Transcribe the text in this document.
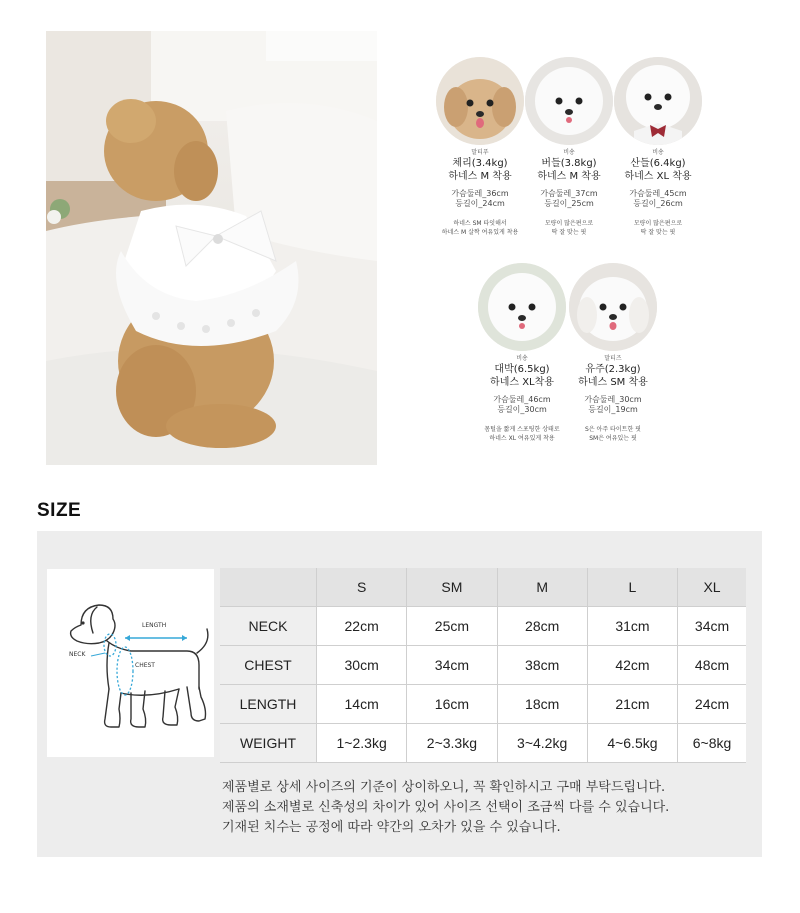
말티푸
체리(3.4kg)
하네스 M 착용
가슴둘레_36cm
등길이_24cm
하네스 SM 타잇해서
하네스 M 살짝 여유있게 착용
비숑
버들(3.8kg)
하네스 M 착용
가슴둘레_37cm
등길이_25cm
모량이 많은편으로
딱 잘 맞는 핏
비숑
산들(6.4kg)
하네스 XL 착용
가슴둘레_45cm
등길이_26cm
모량이 많은편으로
딱 잘 맞는 핏
비숑
대박(6.5kg)
하네스 XL착용
가슴둘레_46cm
등길이_30cm
몸털을 짧게 스포팅한 상태로
하네스 XL 여유있게 착용
말티즈
유주(2.3kg)
하네스 SM 착용
가슴둘레_30cm
등길이_19cm
S은 아주 타이트한 핏
SM은 여유있는 핏
SIZE
LENGTH
NECK
CHEST
	S	SM	M	L	XL
NECK	22cm	25cm	28cm	31cm	34cm
CHEST	30cm	34cm	38cm	42cm	48cm
LENGTH	14cm	16cm	18cm	21cm	24cm
WEIGHT	1~2.3kg	2~3.3kg	3~4.2kg	4~6.5kg	6~8kg
제품별로 상세 사이즈의 기준이 상이하오니, 꼭 확인하시고 구매 부탁드립니다.
제품의 소재별로 신축성의 차이가 있어 사이즈 선택이 조금씩 다를 수 있습니다.
기재된 치수는 공정에 따라 약간의 오차가 있을 수 있습니다.
